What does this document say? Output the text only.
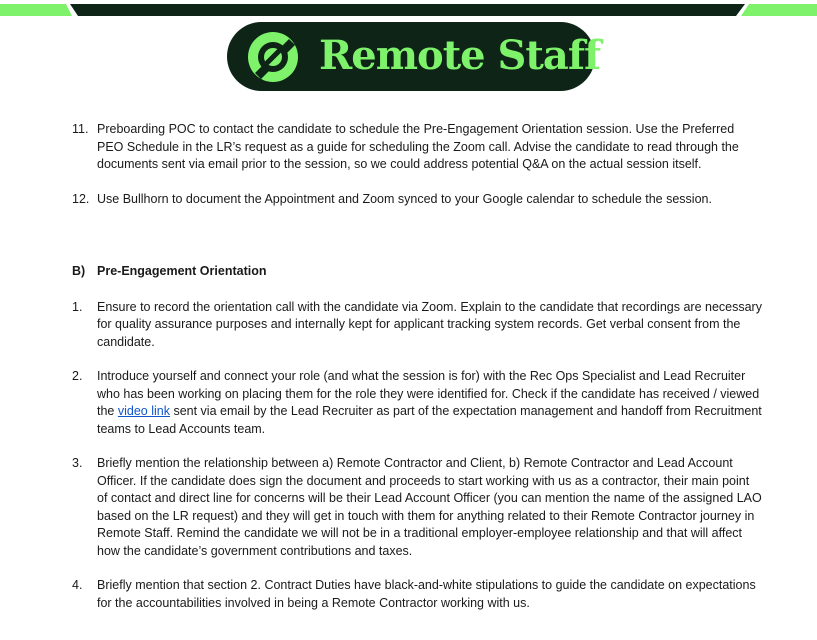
Remote Staff
11. Preboarding POC to contact the candidate to schedule the Pre-Engagement Orientation session. Use the Preferred PEO Schedule in the LR’s request as a guide for scheduling the Zoom call. Advise the candidate to read through the documents sent via email prior to the session, so we could address potential Q&A on the actual session itself.
12. Use Bullhorn to document the Appointment and Zoom synced to your Google calendar to schedule the session.
B) Pre-Engagement Orientation
1.	Ensure to record the orientation call with the candidate via Zoom. Explain to the candidate that recordings are necessary for quality assurance purposes and internally kept for applicant tracking system records. Get verbal consent from the candidate.
2.	Introduce yourself and connect your role (and what the session is for) with the Rec Ops Specialist and Lead Recruiter who has been working on placing them for the role they were identified for. Check if the candidate has received / viewed the video link sent via email by the Lead Recruiter as part of the expectation management and handoff from Recruitment teams to Lead Accounts team.
3.	Briefly mention the relationship between a) Remote Contractor and Client, b) Remote Contractor and Lead Account Officer. If the candidate does sign the document and proceeds to start working with us as a contractor, their main point of contact and direct line for concerns will be their Lead Account Officer (you can mention the name of the assigned LAO based on the LR request) and they will get in touch with them for anything related to their Remote Contractor journey in Remote Staff. Remind the candidate we will not be in a traditional employer-employee relationship and that will affect how the candidate’s government contributions and taxes.
4.	Briefly mention that section 2. Contract Duties have black-and-white stipulations to guide the candidate on expectations for the accountabilities involved in being a Remote Contractor working with us.
